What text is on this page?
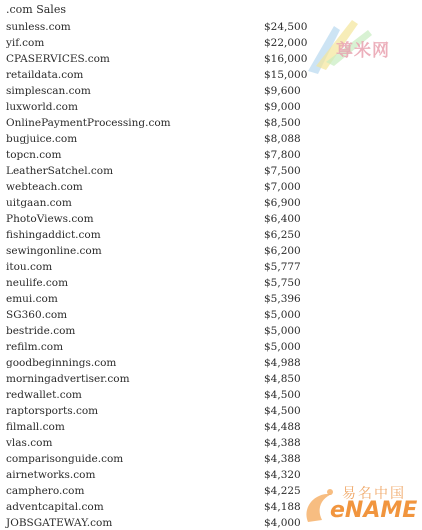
.com Sales
sunless.com	$24,500
yif.com	$22,000
CPASERVICES.com	$16,000
retaildata.com	$15,000
simplescan.com	$9,600
luxworld.com	$9,000
OnlinePaymentProcessing.com	$8,500
bugjuice.com	$8,088
topcn.com	$7,800
LeatherSatchel.com	$7,500
webteach.com	$7,000
uitgaan.com	$6,900
PhotoViews.com	$6,400
fishingaddict.com	$6,250
sewingonline.com	$6,200
itou.com	$5,777
neulife.com	$5,750
emui.com	$5,396
SG360.com	$5,000
bestride.com	$5,000
refilm.com	$5,000
goodbeginnings.com	$4,988
morningadvertiser.com	$4,850
redwallet.com	$4,500
raptorsports.com	$4,500
filmall.com	$4,488
vlas.com	$4,388
comparisonguide.com	$4,388
airnetworks.com	$4,320
camphero.com	$4,225
adventcapital.com	$4,188
JOBSGATEWAY.com	$4,000
尊米网
易名中国
eNAME
